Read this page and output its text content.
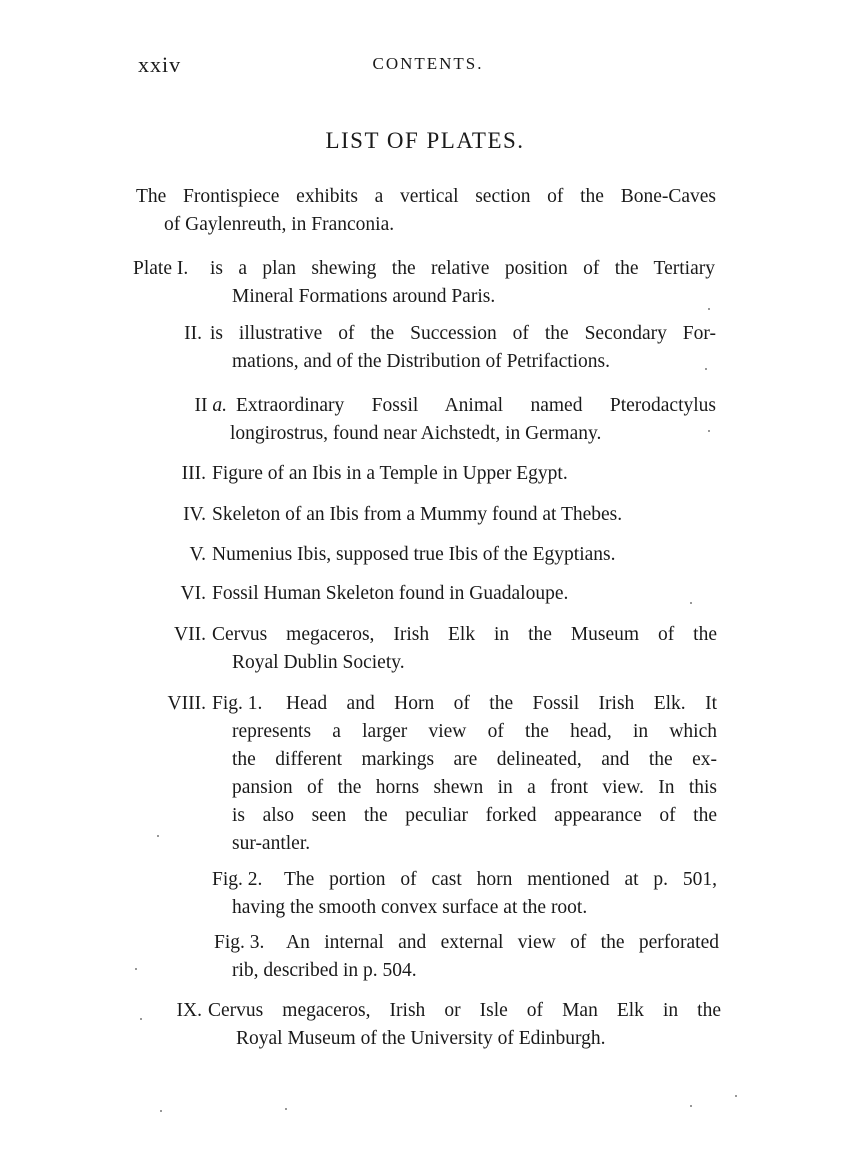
xxiv	CONTENTS.
LIST OF PLATES.
The Frontispiece exhibits a vertical section of the Bone-Caves
of Gaylenreuth, in Franconia.
Plate I. is a plan shewing the relative position of the Tertiary
Mineral Formations around Paris.
II. is illustrative of the Succession of the Secondary For-
mations, and of the Distribution of Petrifactions.
II a. Extraordinary Fossil Animal named Pterodactylus
longirostrus, found near Aichstedt, in Germany.
III. Figure of an Ibis in a Temple in Upper Egypt.
IV. Skeleton of an Ibis from a Mummy found at Thebes.
V. Numenius Ibis, supposed true Ibis of the Egyptians.
VI. Fossil Human Skeleton found in Guadaloupe.
VII. Cervus megaceros, Irish Elk in the Museum of the
Royal Dublin Society.
VIII. Fig. 1. Head and Horn of the Fossil Irish Elk. It
represents a larger view of the head, in which
the different markings are delineated, and the ex-
pansion of the horns shewn in a front view. In this
is also seen the peculiar forked appearance of the
sur-antler.
Fig. 2. The portion of cast horn mentioned at p. 501,
having the smooth convex surface at the root.
Fig. 3. An internal and external view of the perforated
rib, described in p. 504.
IX. Cervus megaceros, Irish or Isle of Man Elk in the
Royal Museum of the University of Edinburgh.
